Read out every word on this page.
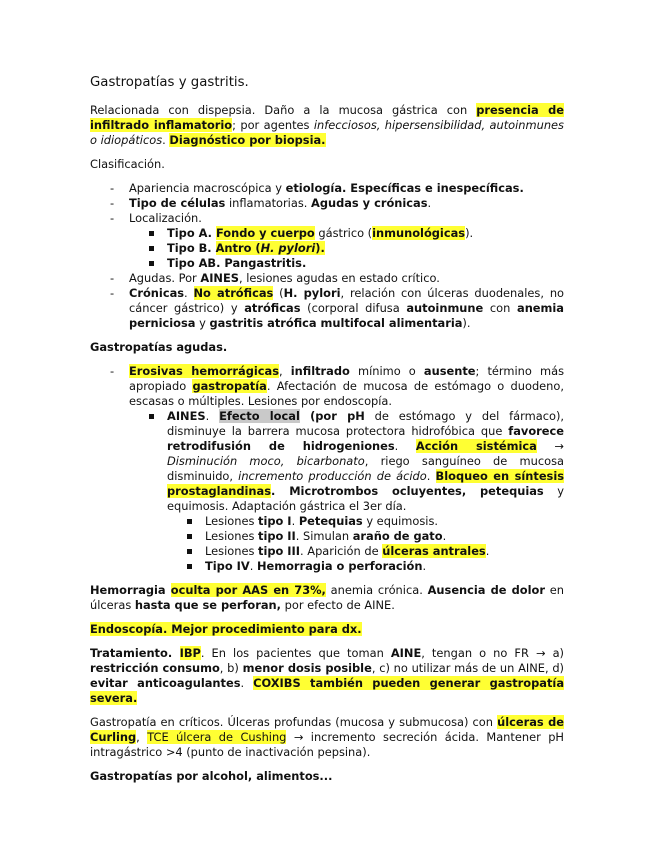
Gastropatías y gastritis.

Relacionada con dispepsia. Daño a la mucosa gástrica con presencia de infiltrado inflamatorio; por agentes infecciosos, hipersensibilidad, autoinmunes o idiopáticos. Diagnóstico por biopsia.

Clasificación.

- Apariencia macroscópica y etiología. Específicas e inespecíficas.
- Tipo de células inflamatorias. Agudas y crónicas.
- Localización.
Tipo A. Fondo y cuerpo gástrico (inmunológicas).
Tipo B. Antro (H. pylori).
Tipo AB. Pangastritis.
- Agudas. Por AINES, lesiones agudas en estado crítico.
- Crónicas. No atróficas (H. pylori, relación con úlceras duodenales, no cáncer gástrico) y atróficas (corporal difusa autoinmune con anemia perniciosa y gastritis atrófica multifocal alimentaria).

Gastropatías agudas.

- Erosivas hemorrágicas, infiltrado mínimo o ausente; término más apropiado gastropatía. Afectación de mucosa de estómago o duodeno, escasas o múltiples. Lesiones por endoscopía.
AINES. Efecto local (por pH de estómago y del fármaco), disminuye la barrera mucosa protectora hidrofóbica que favorece retrodifusión de hidrogeniones. Acción sistémica → Disminución moco, bicarbonato, riego sanguíneo de mucosa disminuido, incremento producción de ácido. Bloqueo en síntesis prostaglandinas. Microtrombos ocluyentes, petequias y equimosis. Adaptación gástrica el 3er día.
Lesiones tipo I. Petequias y equimosis.
Lesiones tipo II. Simulan araño de gato.
Lesiones tipo III. Aparición de úlceras antrales.
Tipo IV. Hemorragia o perforación.

Hemorragia oculta por AAS en 73%, anemia crónica. Ausencia de dolor en úlceras hasta que se perforan, por efecto de AINE.

Endoscopía. Mejor procedimiento para dx.

Tratamiento. IBP. En los pacientes que toman AINE, tengan o no FR → a) restricción consumo, b) menor dosis posible, c) no utilizar más de un AINE, d) evitar anticoagulantes. COXIBS también pueden generar gastropatía severa.

Gastropatía en críticos. Úlceras profundas (mucosa y submucosa) con úlceras de Curling, TCE úlcera de Cushing → incremento secreción ácida. Mantener pH intragástrico >4 (punto de inactivación pepsina).

Gastropatías por alcohol, alimentos...
